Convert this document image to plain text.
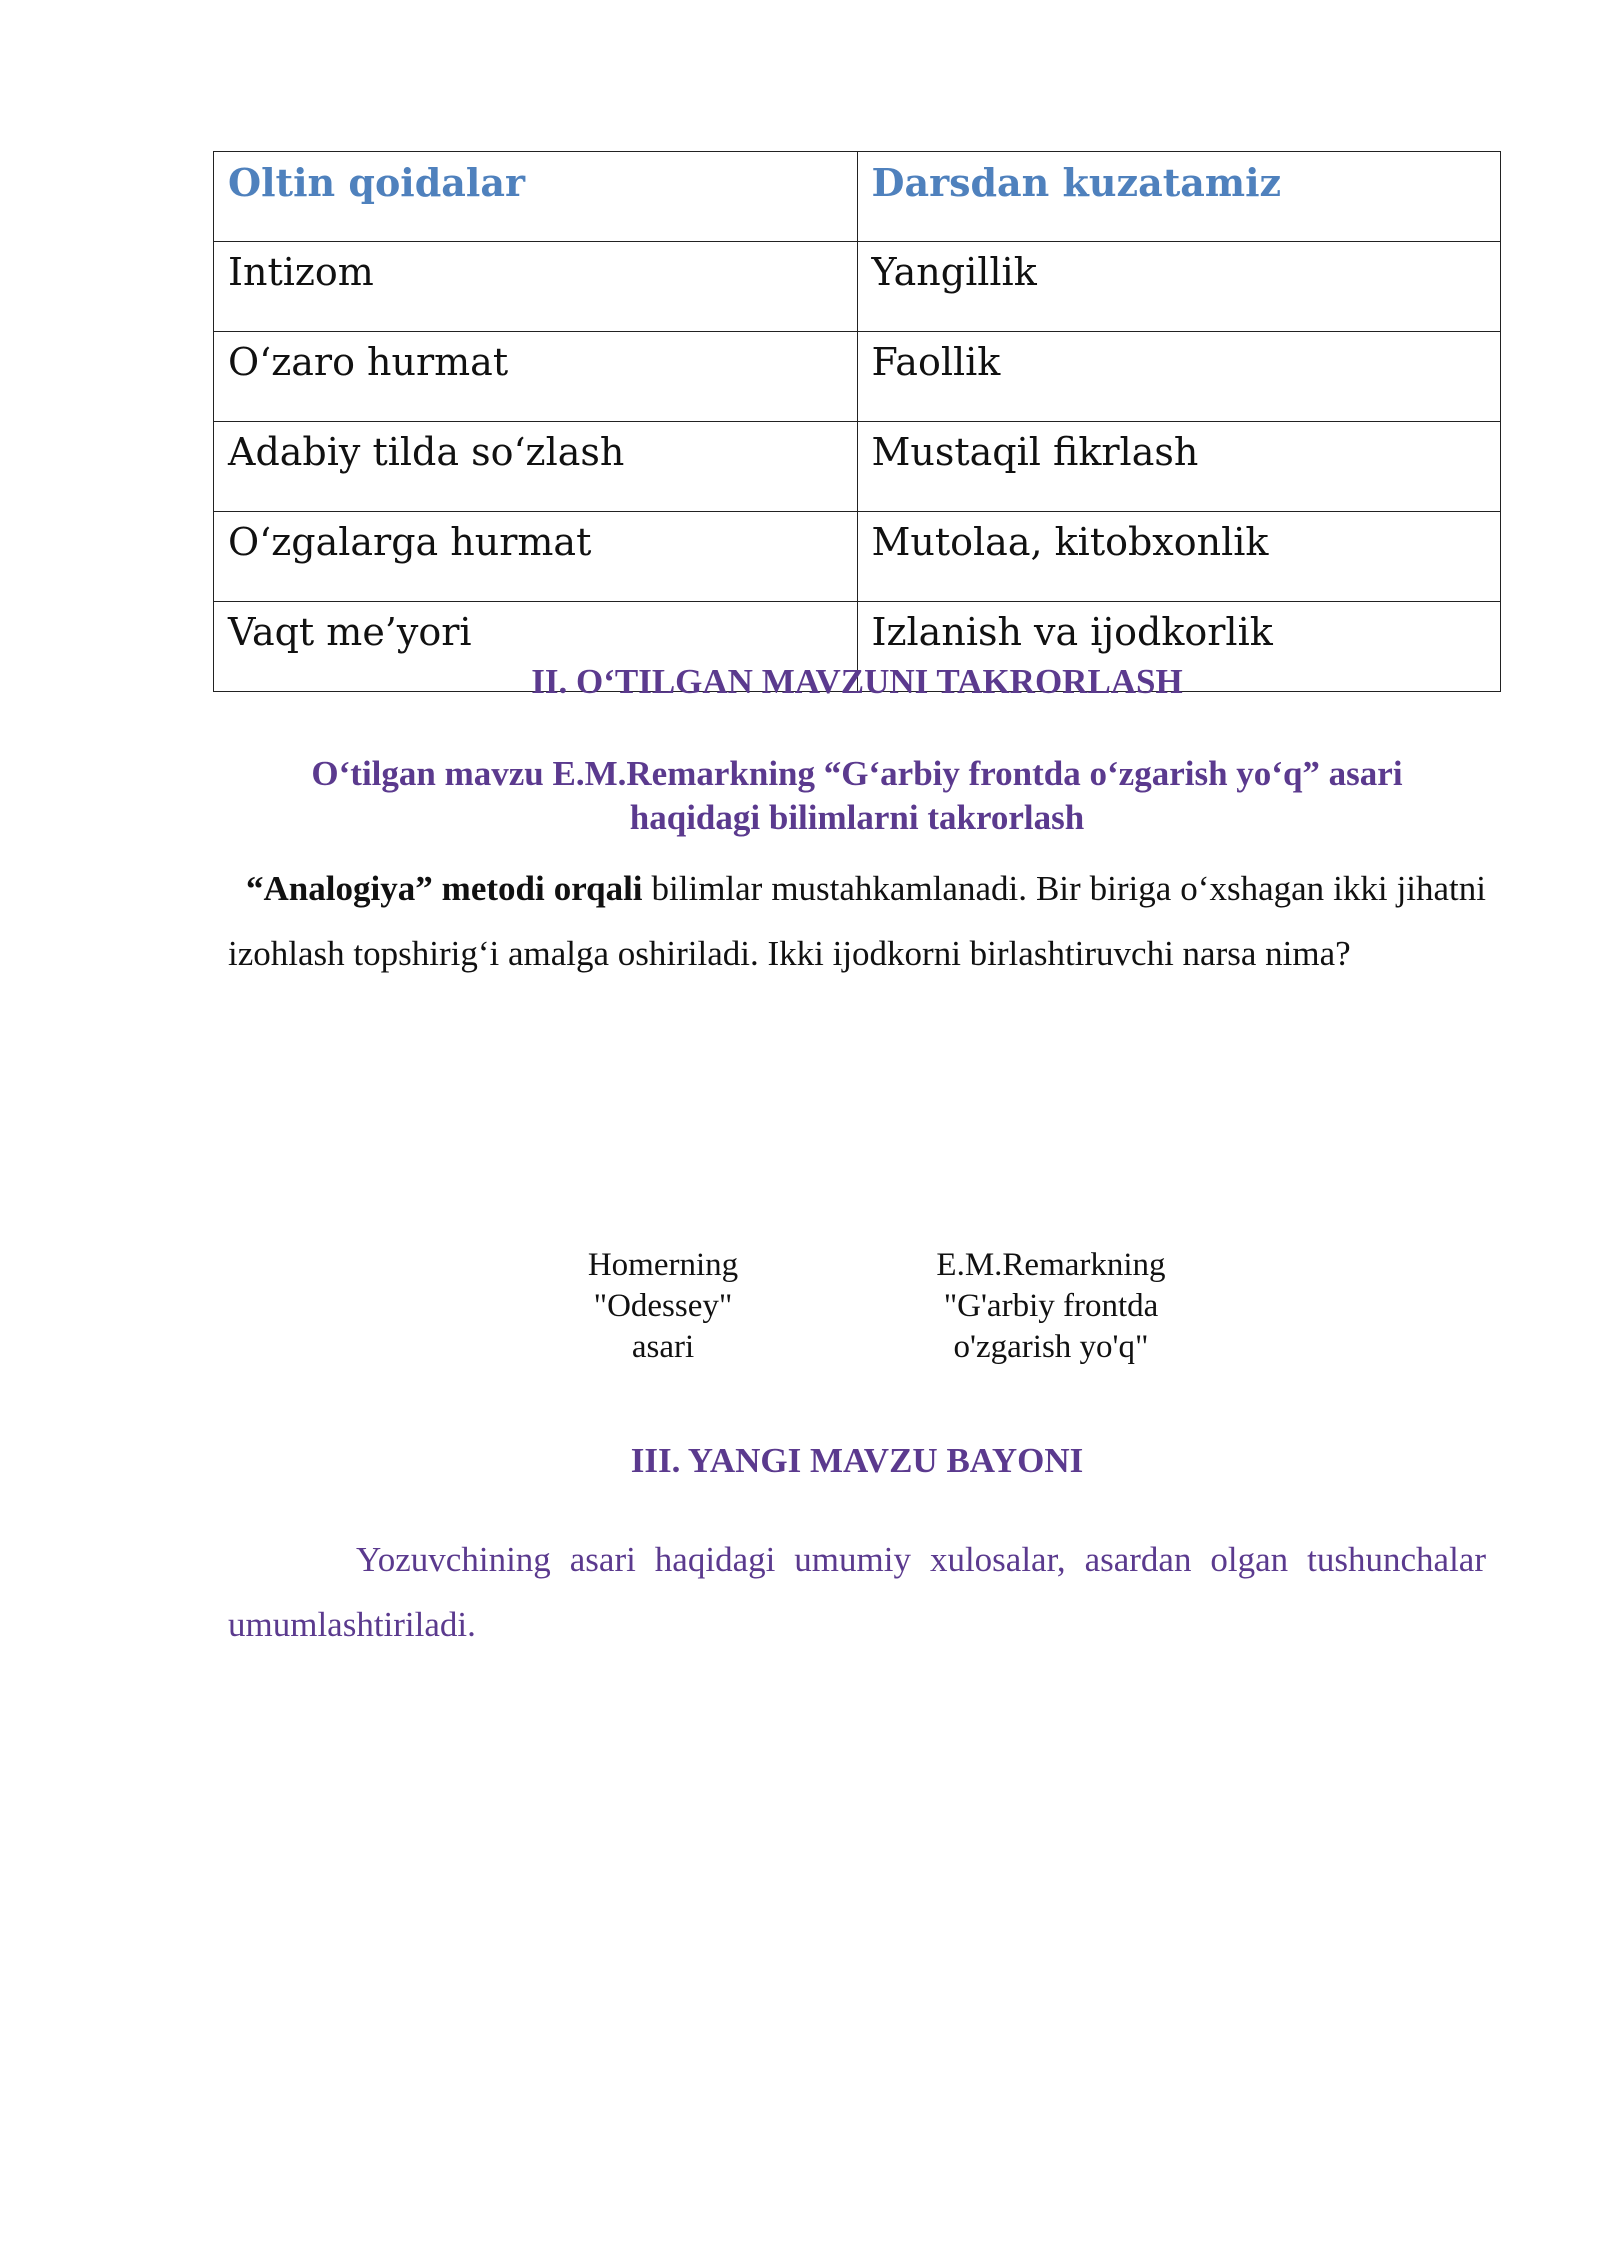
Oltin qoidalar	Darsdan kuzatamiz
Intizom	Yangillik
O‘zaro hurmat	Faollik
Adabiy tilda so‘zlash	Mustaqil fikrlash
O‘zgalarga hurmat	Mutolaa, kitobxonlik
Vaqt me’yori	Izlanish va ijodkorlik
II. O‘TILGAN MAVZUNI TAKRORLASH
O‘tilgan mavzu E.M.Remarkning “G‘arbiy frontda o‘zgarish yo‘q” asari
haqidagi bilimlarni takrorlash
“Analogiya” metodi orqali bilimlar mustahkamlanadi. Bir biriga o‘xshagan ikki jihatni izohlash topshirig‘i amalga oshiriladi. Ikki ijodkorni birlashtiruvchi narsa nima?
Homerning
"Odessey"
asari
E.M.Remarkning
"G'arbiy frontda
o'zgarish yo'q"
III. YANGI MAVZU BAYONI
Yozuvchining asari haqidagi umumiy xulosalar, asardan olgan tushunchalar umumlashtiriladi.
